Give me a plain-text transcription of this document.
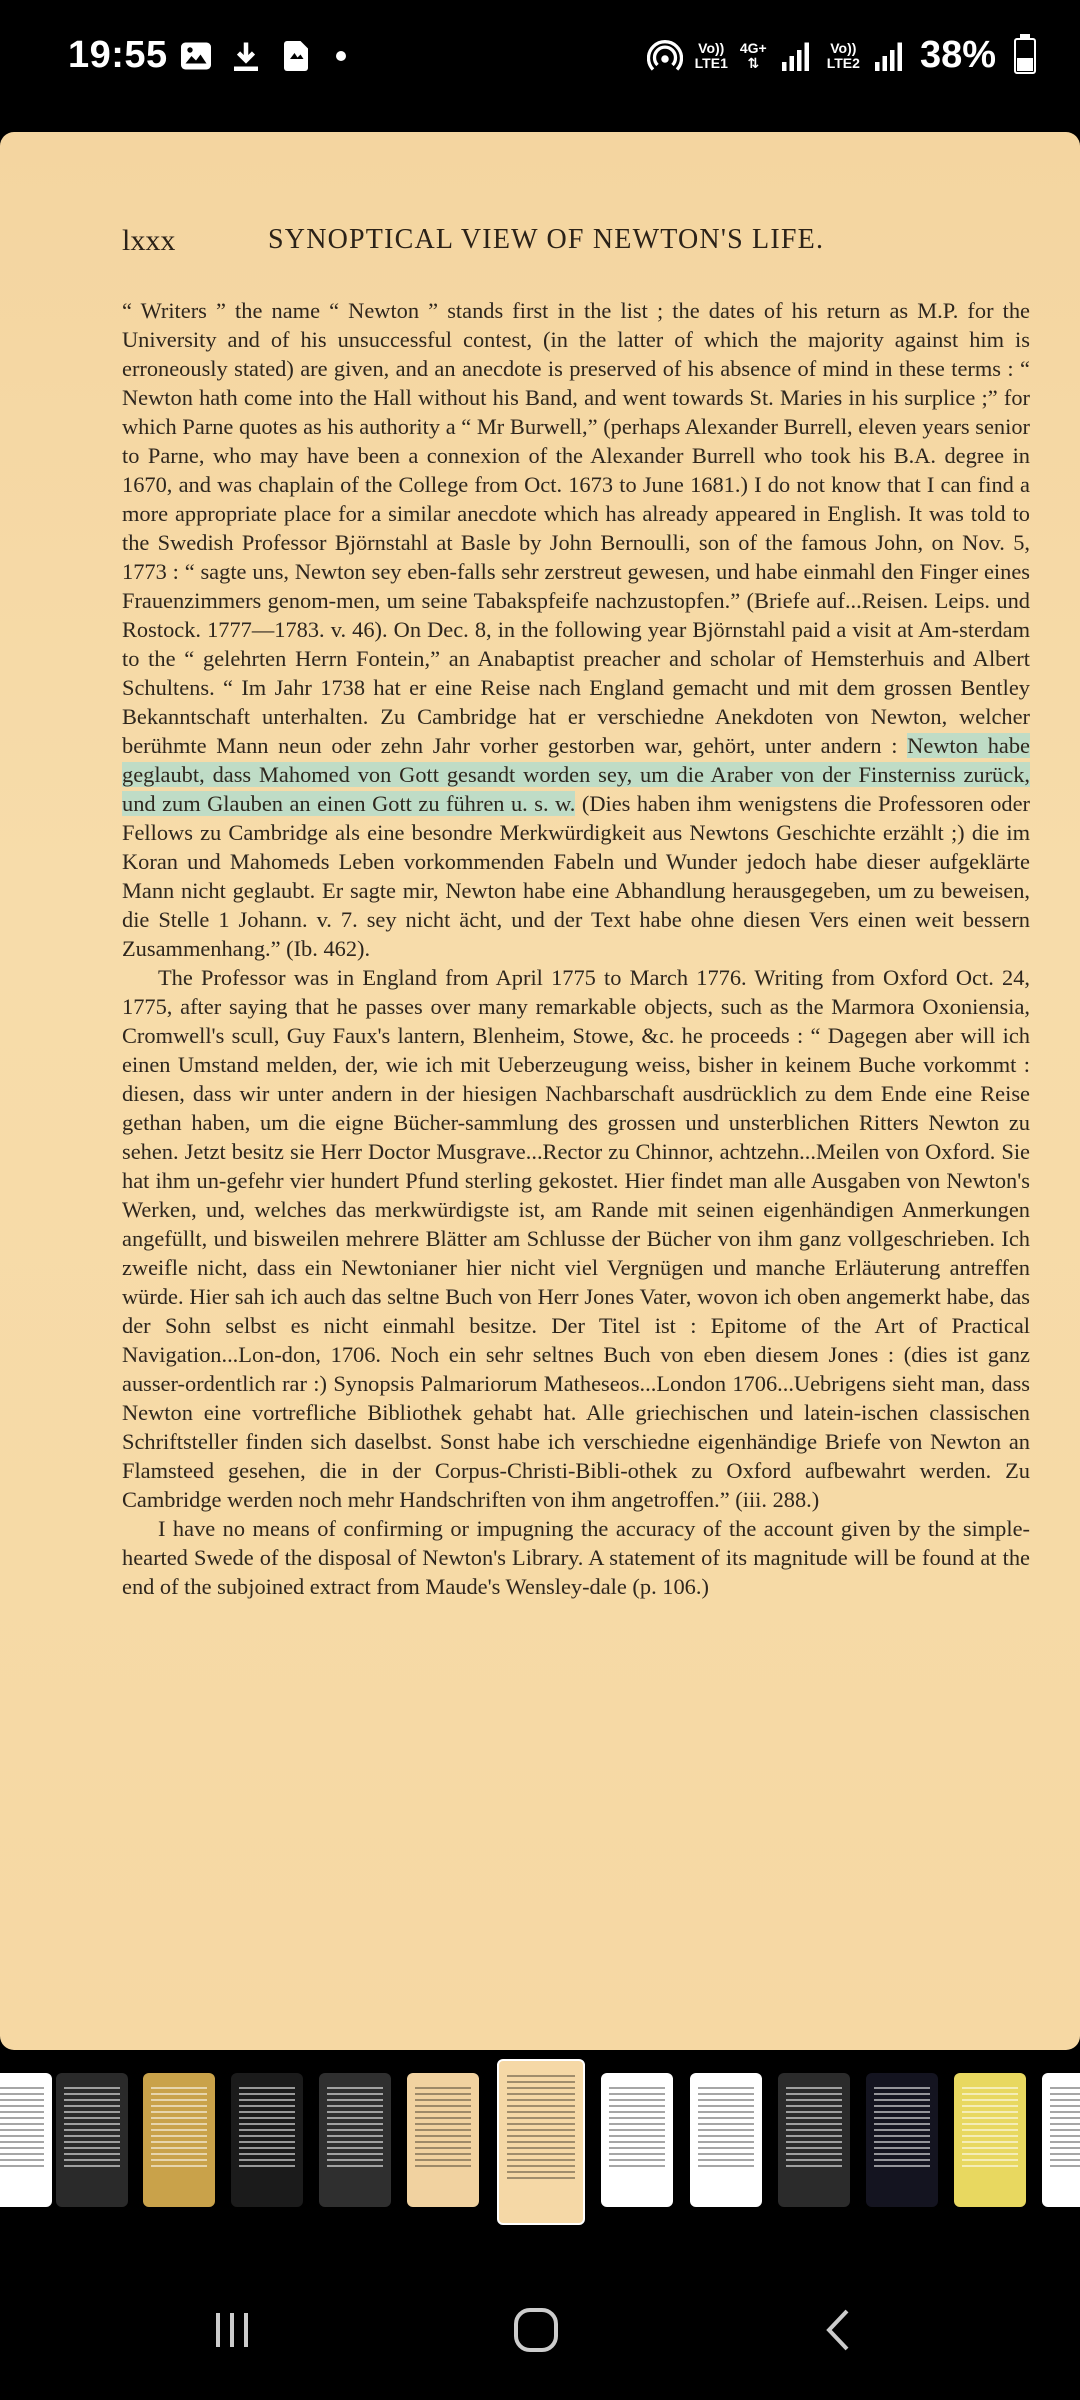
19:55	Vo))
LTE1
4G+
⇅
Vo))
LTE2 38%
lxxx	SYNOPTICAL VIEW OF NEWTON'S LIFE.

“ Writers ” the name “ Newton ” stands first in the list ; the dates of his return as M.P. for the University and of his unsuccessful contest, (in the latter of which the majority against him is erroneously stated) are given, and an anecdote is preserved of his absence of mind in these terms : “ Newton hath come into the Hall without his Band, and went towards St. Maries in his surplice ;” for which Parne quotes as his authority a “ Mr Burwell,” (perhaps Alexander Burrell, eleven years senior to Parne, who may have been a connexion of the Alexander Burrell who took his B.A. degree in 1670, and was chaplain of the College from Oct. 1673 to June 1681.) I do not know that I can find a more appropriate place for a similar anecdote which has already appeared in English. It was told to the Swedish Professor Björnstahl at Basle by John Bernoulli, son of the famous John, on Nov. 5, 1773 : “ sagte uns, Newton sey eben-falls sehr zerstreut gewesen, und habe einmahl den Finger eines Frauenzimmers genom-men, um seine Tabakspfeife nachzustopfen.” (Briefe auf...Reisen. Leips. und Rostock. 1777—1783. v. 46). On Dec. 8, in the following year Björnstahl paid a visit at Am-sterdam to the “ gelehrten Herrn Fontein,” an Anabaptist preacher and scholar of Hemsterhuis and Albert Schultens. “ Im Jahr 1738 hat er eine Reise nach England gemacht und mit dem grossen Bentley Bekanntschaft unterhalten. Zu Cambridge hat er verschiedne Anekdoten von Newton, welcher berühmte Mann neun oder zehn Jahr vorher gestorben war, gehört, unter andern : Newton habe geglaubt, dass Mahomed von Gott gesandt worden sey, um die Araber von der Finsterniss zurück, und zum Glauben an einen Gott zu führen u. s. w. (Dies haben ihm wenigstens die Professoren oder Fellows zu Cambridge als eine besondre Merkwürdigkeit aus Newtons Geschichte erzählt ;) die im Koran und Mahomeds Leben vorkommenden Fabeln und Wunder jedoch habe dieser aufgeklärte Mann nicht geglaubt. Er sagte mir, Newton habe eine Abhandlung herausgegeben, um zu beweisen, die Stelle 1 Johann. v. 7. sey nicht ächt, und der Text habe ohne diesen Vers einen weit bessern Zusammenhang.” (Ib. 462).

The Professor was in England from April 1775 to March 1776. Writing from Oxford Oct. 24, 1775, after saying that he passes over many remarkable objects, such as the Marmora Oxoniensia, Cromwell's scull, Guy Faux's lantern, Blenheim, Stowe, &c. he proceeds : “ Dagegen aber will ich einen Umstand melden, der, wie ich mit Ueberzeugung weiss, bisher in keinem Buche vorkommt : diesen, dass wir unter andern in der hiesigen Nachbarschaft ausdrücklich zu dem Ende eine Reise gethan haben, um die eigne Bücher-sammlung des grossen und unsterblichen Ritters Newton zu sehen. Jetzt besitz sie Herr Doctor Musgrave...Rector zu Chinnor, achtzehn...Meilen von Oxford. Sie hat ihm un-gefehr vier hundert Pfund sterling gekostet. Hier findet man alle Ausgaben von Newton's Werken, und, welches das merkwürdigste ist, am Rande mit seinen eigenhändigen Anmerkungen angefüllt, und bisweilen mehrere Blätter am Schlusse der Bücher von ihm ganz vollgeschrieben. Ich zweifle nicht, dass ein Newtonianer hier nicht viel Vergnügen und manche Erläuterung antreffen würde. Hier sah ich auch das seltne Buch von Herr Jones Vater, wovon ich oben angemerkt habe, das der Sohn selbst es nicht einmahl besitze. Der Titel ist : Epitome of the Art of Practical Navigation...Lon-don, 1706. Noch ein sehr seltnes Buch von eben diesem Jones : (dies ist ganz ausser-ordentlich rar :) Synopsis Palmariorum Matheseos...London 1706...Uebrigens sieht man, dass Newton eine vortrefliche Bibliothek gehabt hat. Alle griechischen und latein-ischen classischen Schriftsteller finden sich daselbst. Sonst habe ich verschiedne eigenhändige Briefe von Newton an Flamsteed gesehen, die in der Corpus-Christi-Bibli-othek zu Oxford aufbewahrt werden. Zu Cambridge werden noch mehr Handschriften von ihm angetroffen.” (iii. 288.)

I have no means of confirming or impugning the accuracy of the account given by the simple-hearted Swede of the disposal of Newton's Library. A statement of its magnitude will be found at the end of the subjoined extract from Maude's Wensley-dale (p. 106.)
